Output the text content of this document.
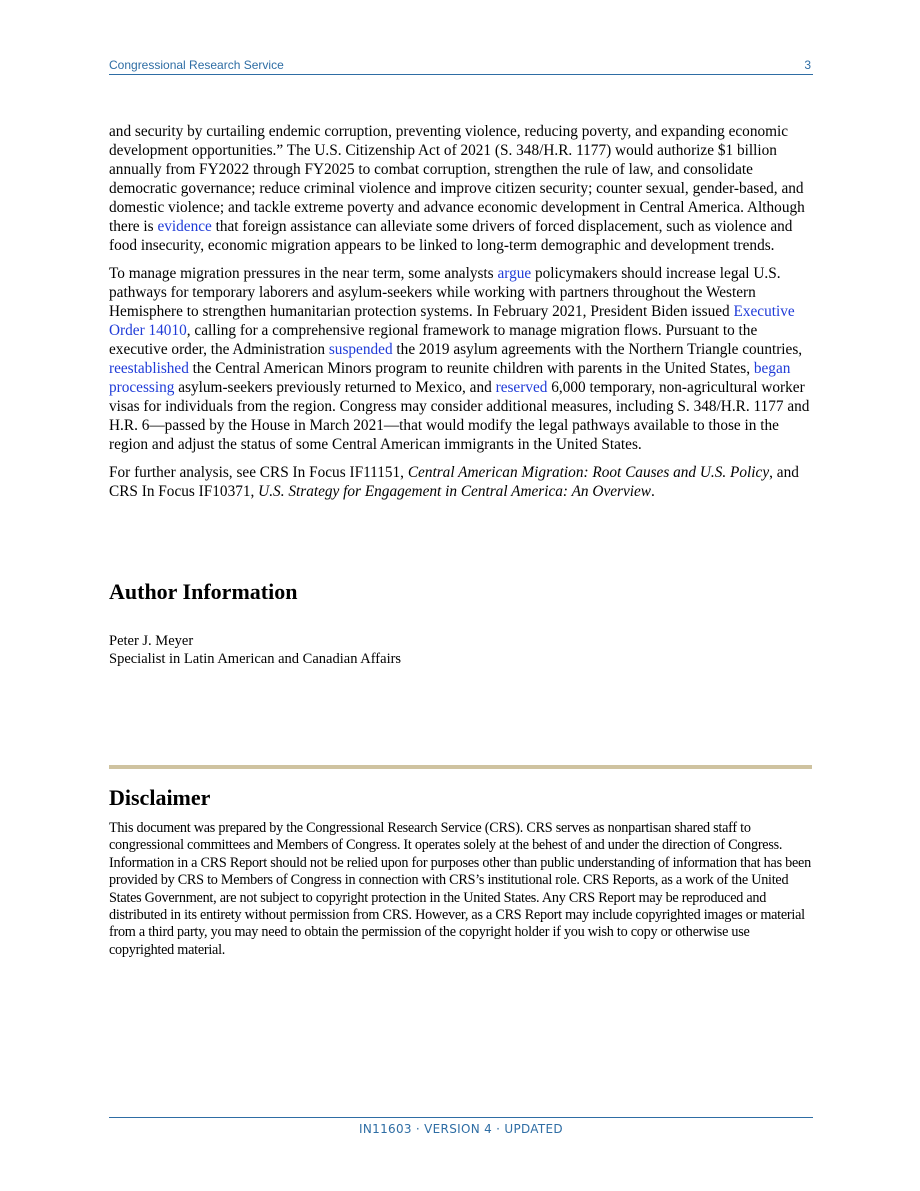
Congressional Research Service	3

and security by curtailing endemic corruption, preventing violence, reducing poverty, and expanding economic development opportunities.” The U.S. Citizenship Act of 2021 (S. 348/H.R. 1177) would authorize $1 billion annually from FY2022 through FY2025 to combat corruption, strengthen the rule of law, and consolidate democratic governance; reduce criminal violence and improve citizen security; counter sexual, gender-based, and domestic violence; and tackle extreme poverty and advance economic development in Central America. Although there is evidence that foreign assistance can alleviate some drivers of forced displacement, such as violence and food insecurity, economic migration appears to be linked to long-term demographic and development trends.

To manage migration pressures in the near term, some analysts argue policymakers should increase legal U.S. pathways for temporary laborers and asylum-seekers while working with partners throughout the Western Hemisphere to strengthen humanitarian protection systems. In February 2021, President Biden issued Executive Order 14010, calling for a comprehensive regional framework to manage migration flows. Pursuant to the executive order, the Administration suspended the 2019 asylum agreements with the Northern Triangle countries, reestablished the Central American Minors program to reunite children with parents in the United States, began processing asylum-seekers previously returned to Mexico, and reserved 6,000 temporary, non-agricultural worker visas for individuals from the region. Congress may consider additional measures, including S. 348/H.R. 1177 and H.R. 6—passed by the House in March 2021—that would modify the legal pathways available to those in the region and adjust the status of some Central American immigrants in the United States.

For further analysis, see CRS In Focus IF11151, Central American Migration: Root Causes and U.S. Policy, and CRS In Focus IF10371, U.S. Strategy for Engagement in Central America: An Overview.

Author Information
Peter J. Meyer
Specialist in Latin American and Canadian Affairs
Disclaimer
This document was prepared by the Congressional Research Service (CRS). CRS serves as nonpartisan shared staff to congressional committees and Members of Congress. It operates solely at the behest of and under the direction of Congress. Information in a CRS Report should not be relied upon for purposes other than public understanding of information that has been provided by CRS to Members of Congress in connection with CRS’s institutional role. CRS Reports, as a work of the United States Government, are not subject to copyright protection in the United States. Any CRS Report may be reproduced and distributed in its entirety without permission from CRS. However, as a CRS Report may include copyrighted images or material from a third party, you may need to obtain the permission of the copyright holder if you wish to copy or otherwise use copyrighted material.
IN11603 · VERSION 4 · UPDATED
